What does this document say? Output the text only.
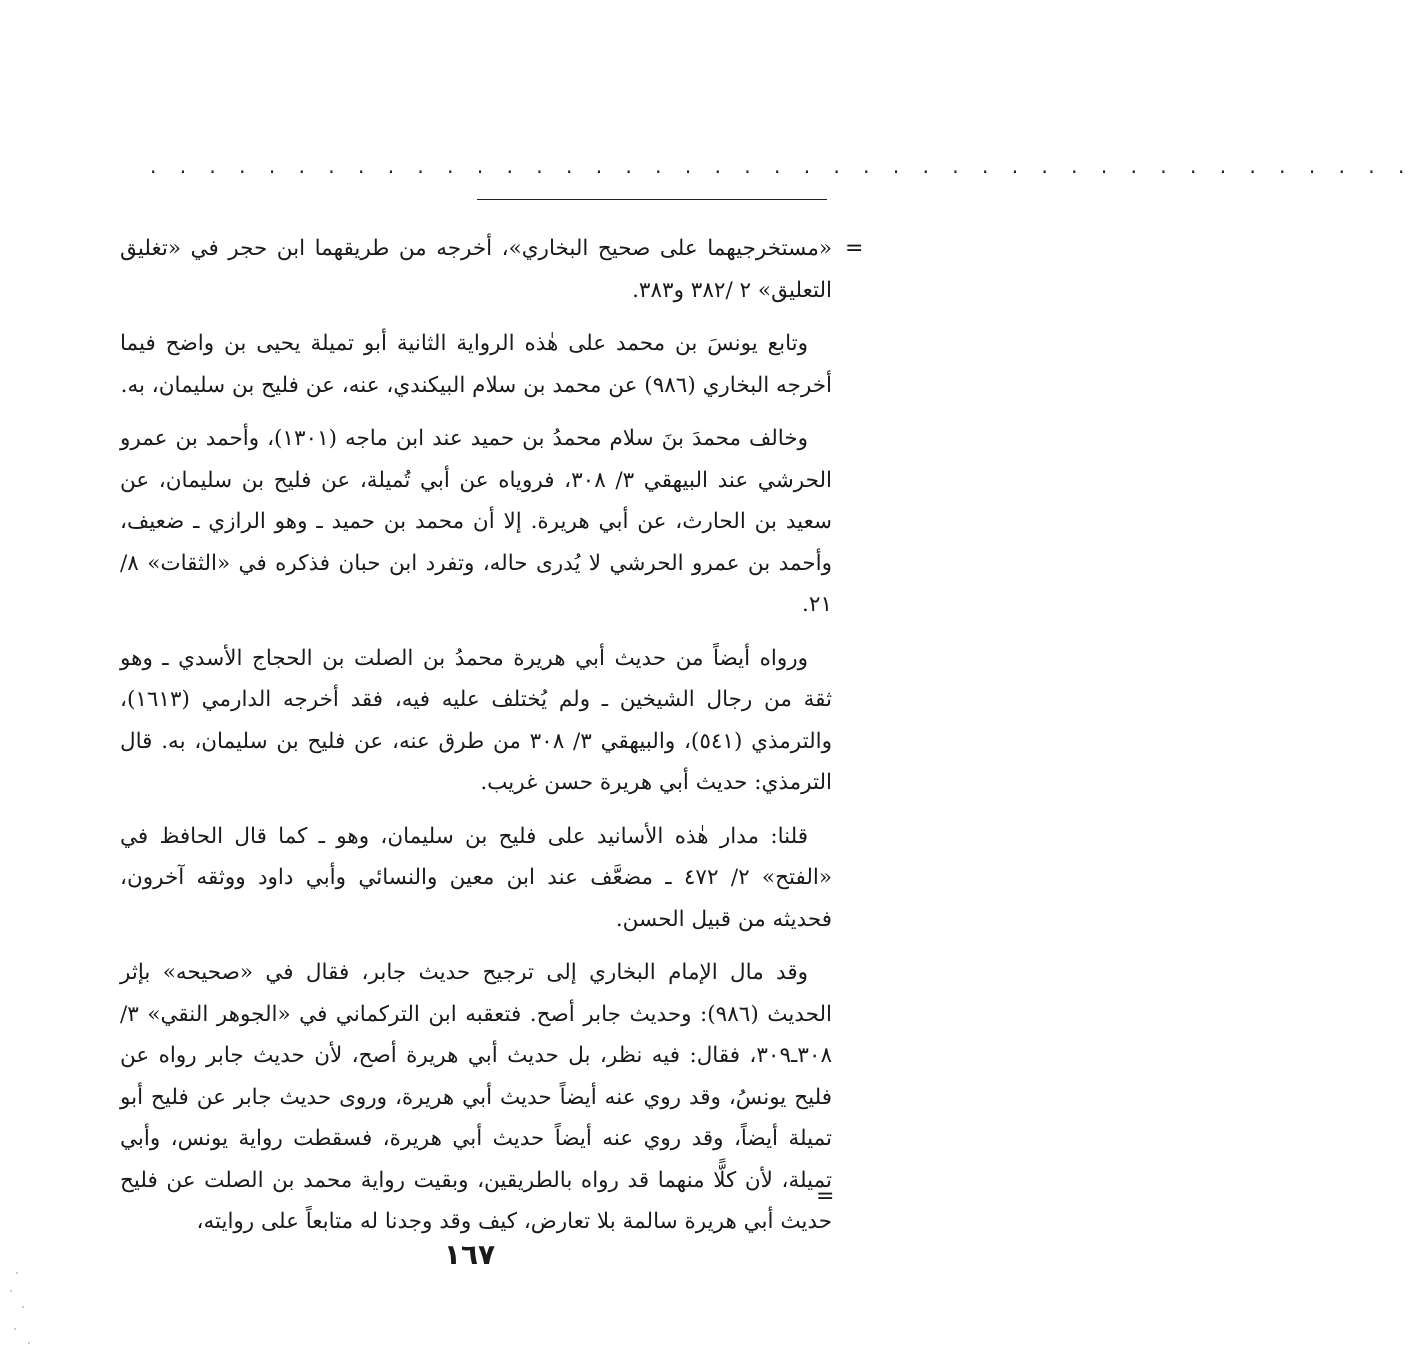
. . . . . . . . . . . . . . . . . . . . . . . . . . . . . . . . . . . . . . . . . . .
=

«مستخرجيهما على صحيح البخاري»، أخرجه من طريقهما ابن حجر في «تغليق التعليق» ٢ /٣٨٢ و٣٨٣.

وتابع يونسَ بن محمد على هٰذه الرواية الثانية أبو تميلة يحيى بن واضح فيما أخرجه البخاري (٩٨٦) عن محمد بن سلام البيكندي، عنه، عن فليح بن سليمان، به.

وخالف محمدَ بنَ سلام محمدُ بن حميد عند ابن ماجه (١٣٠١)، وأحمد بن عمرو الحرشي عند البيهقي ٣/ ٣٠٨، فروياه عن أبي تُميلة، عن فليح بن سليمان، عن سعيد بن الحارث، عن أبي هريرة. إلا أن محمد بن حميد ـ وهو الرازي ـ ضعيف، وأحمد بن عمرو الحرشي لا يُدرى حاله، وتفرد ابن حبان فذكره في «الثقات» ٨/ ٢١.

ورواه أيضاً من حديث أبي هريرة محمدُ بن الصلت بن الحجاج الأسدي ـ وهو ثقة من رجال الشيخين ـ ولم يُختلف عليه فيه، فقد أخرجه الدارمي (١٦١٣)، والترمذي (٥٤١)، والبيهقي ٣/ ٣٠٨ من طرق عنه، عن فليح بن سليمان، به. قال الترمذي: حديث أبي هريرة حسن غريب.

قلنا: مدار هٰذه الأسانيد على فليح بن سليمان، وهو ـ كما قال الحافظ في «الفتح» ٢/ ٤٧٢ ـ مضعَّف عند ابن معين والنسائي وأبي داود ووثقه آخرون، فحديثه من قبيل الحسن.

وقد مال الإمام البخاري إلى ترجيح حديث جابر، فقال في «صحيحه» بإثر الحديث (٩٨٦): وحديث جابر أصح. فتعقبه ابن التركماني في «الجوهر النقي» ٣/ ٣٠٨ـ٣٠٩، فقال: فيه نظر، بل حديث أبي هريرة أصح، لأن حديث جابر رواه عن فليح يونسُ، وقد روي عنه أيضاً حديث أبي هريرة، وروى حديث جابر عن فليح أبو تميلة أيضاً، وقد روي عنه أيضاً حديث أبي هريرة، فسقطت رواية يونس، وأبي تميلة، لأن كلًّا منهما قد رواه بالطريقين، وبقيت رواية محمد بن الصلت عن فليح حديث أبي هريرة سالمة بلا تعارض، كيف وقد وجدنا له متابعاً على روايته،

=
١٦٧
